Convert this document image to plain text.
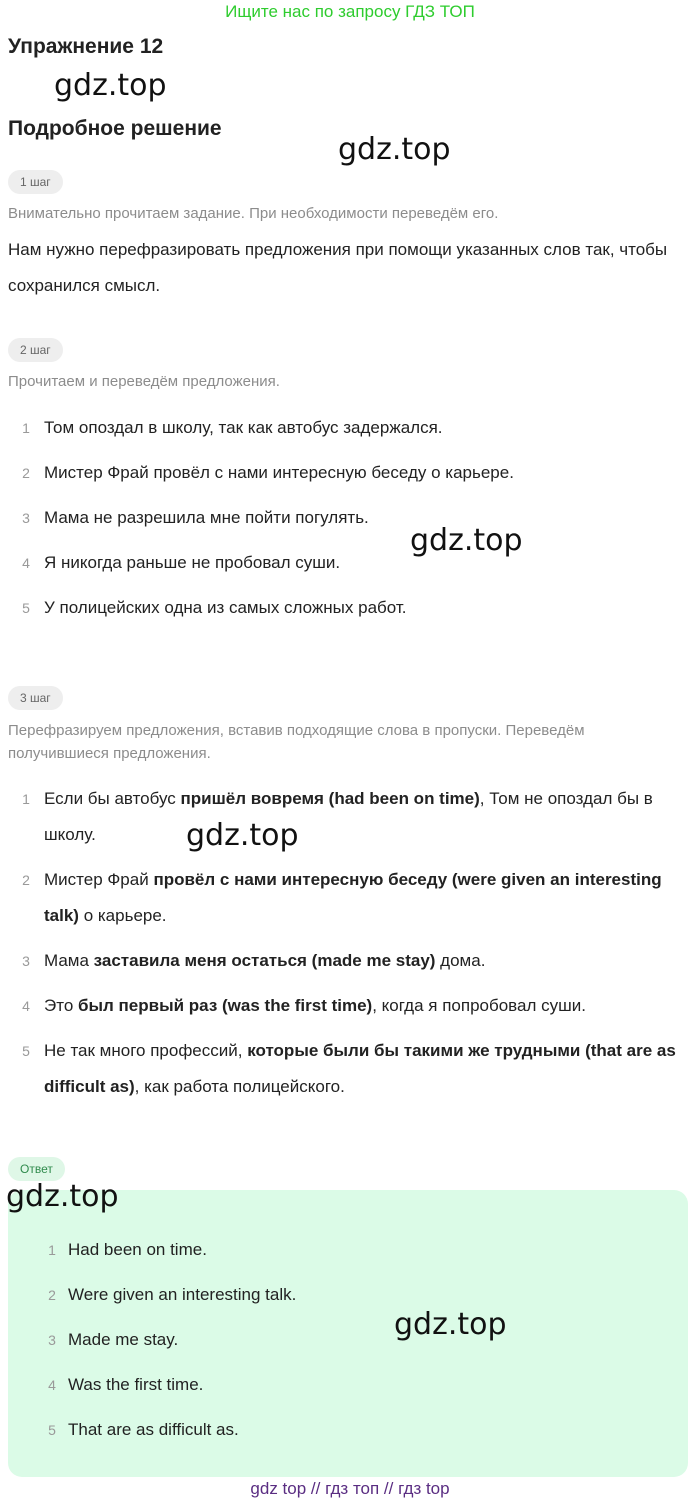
Ищите нас по запросу ГДЗ ТОП
Упражнение 12
gdz.top
Подробное решение
gdz.top
1 шаг
Внимательно прочитаем задание. При необходимости переведём его.
Нам нужно перефразировать предложения при помощи указанных слов так, чтобы сохранился смысл.
2 шаг
Прочитаем и переведём предложения.
1 Том опоздал в школу, так как автобус задержался.
2 Мистер Фрай провёл с нами интересную беседу о карьере.
3 Мама не разрешила мне пойти погулять.
4 Я никогда раньше не пробовал суши.
5 У полицейских одна из самых сложных работ.
gdz.top
3 шаг
Перефразируем предложения, вставив подходящие слова в пропуски. Переведём получившиеся предложения.
1 Если бы автобус пришёл вовремя (had been on time), Том не опоздал бы в школу.
2 Мистер Фрай провёл с нами интересную беседу (were given an interesting talk) о карьере.
3 Мама заставила меня остаться (made me stay) дома.
4 Это был первый раз (was the first time), когда я попробовал суши.
5 Не так много профессий, которые были бы такими же трудными (that are as difficult as), как работа полицейского.
gdz.top
Ответ
1 Had been on time.
2 Were given an interesting talk.
3 Made me stay.
4 Was the first time.
5 That are as difficult as.
gdz.top
gdz.top
gdz top // гдз топ // гдз top
